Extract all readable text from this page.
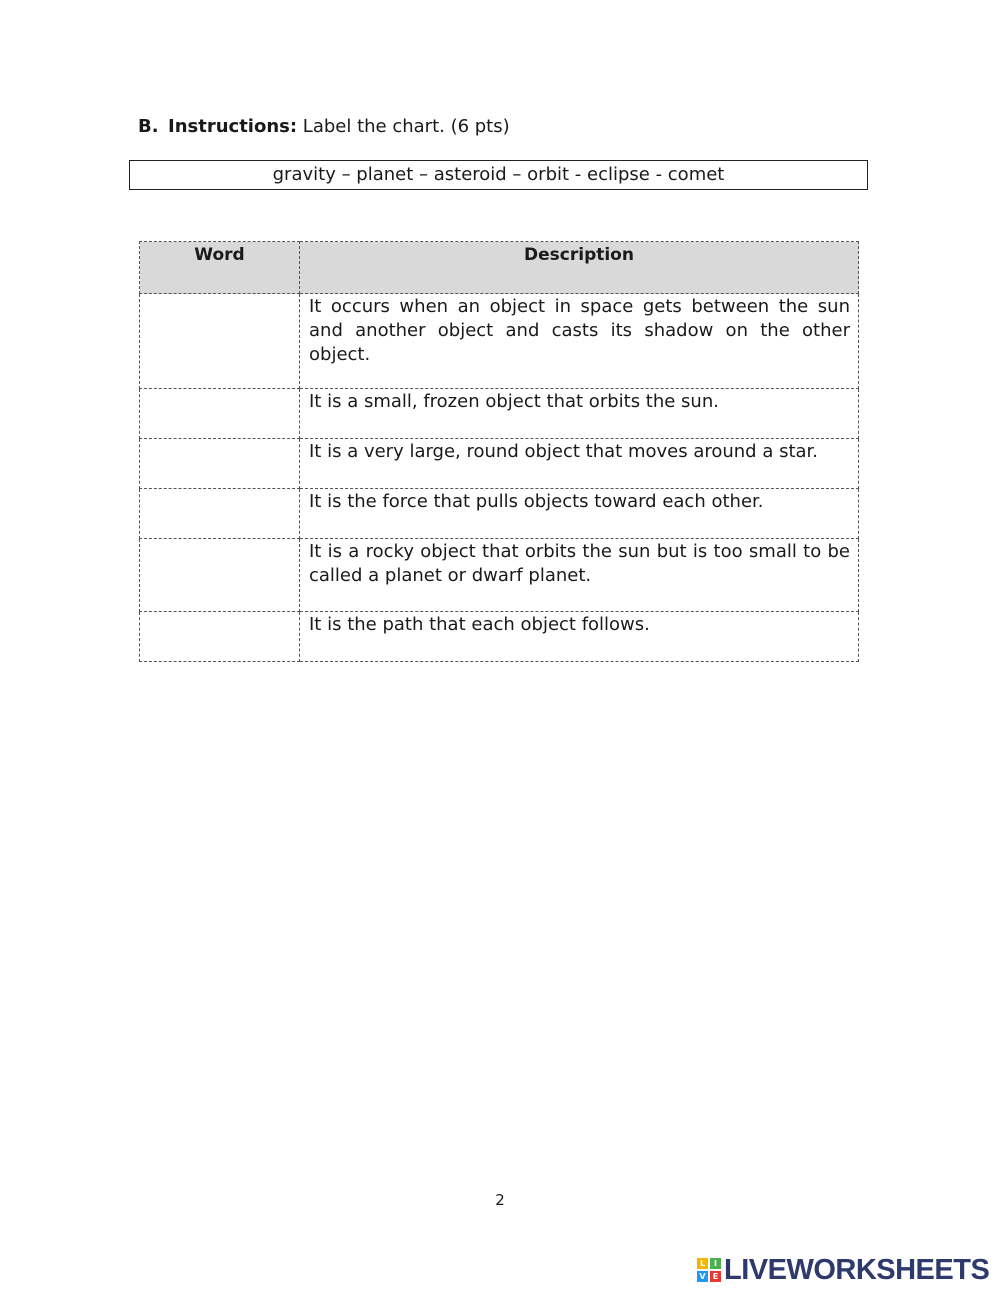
B. Instructions: Label the chart. (6 pts)
gravity – planet – asteroid – orbit - eclipse - comet
Word	Description
	It occurs when an object in space gets between the sun and another object and casts its shadow on the other object.
	It is a small, frozen object that orbits the sun.
	It is a very large, round object that moves around a star.
	It is the force that pulls objects toward each other.
	It is a rocky object that orbits the sun but is too small to be called a planet or dwarf planet.
	It is the path that each object follows.
2
L	I
V E LIVEWORKSHEETS
